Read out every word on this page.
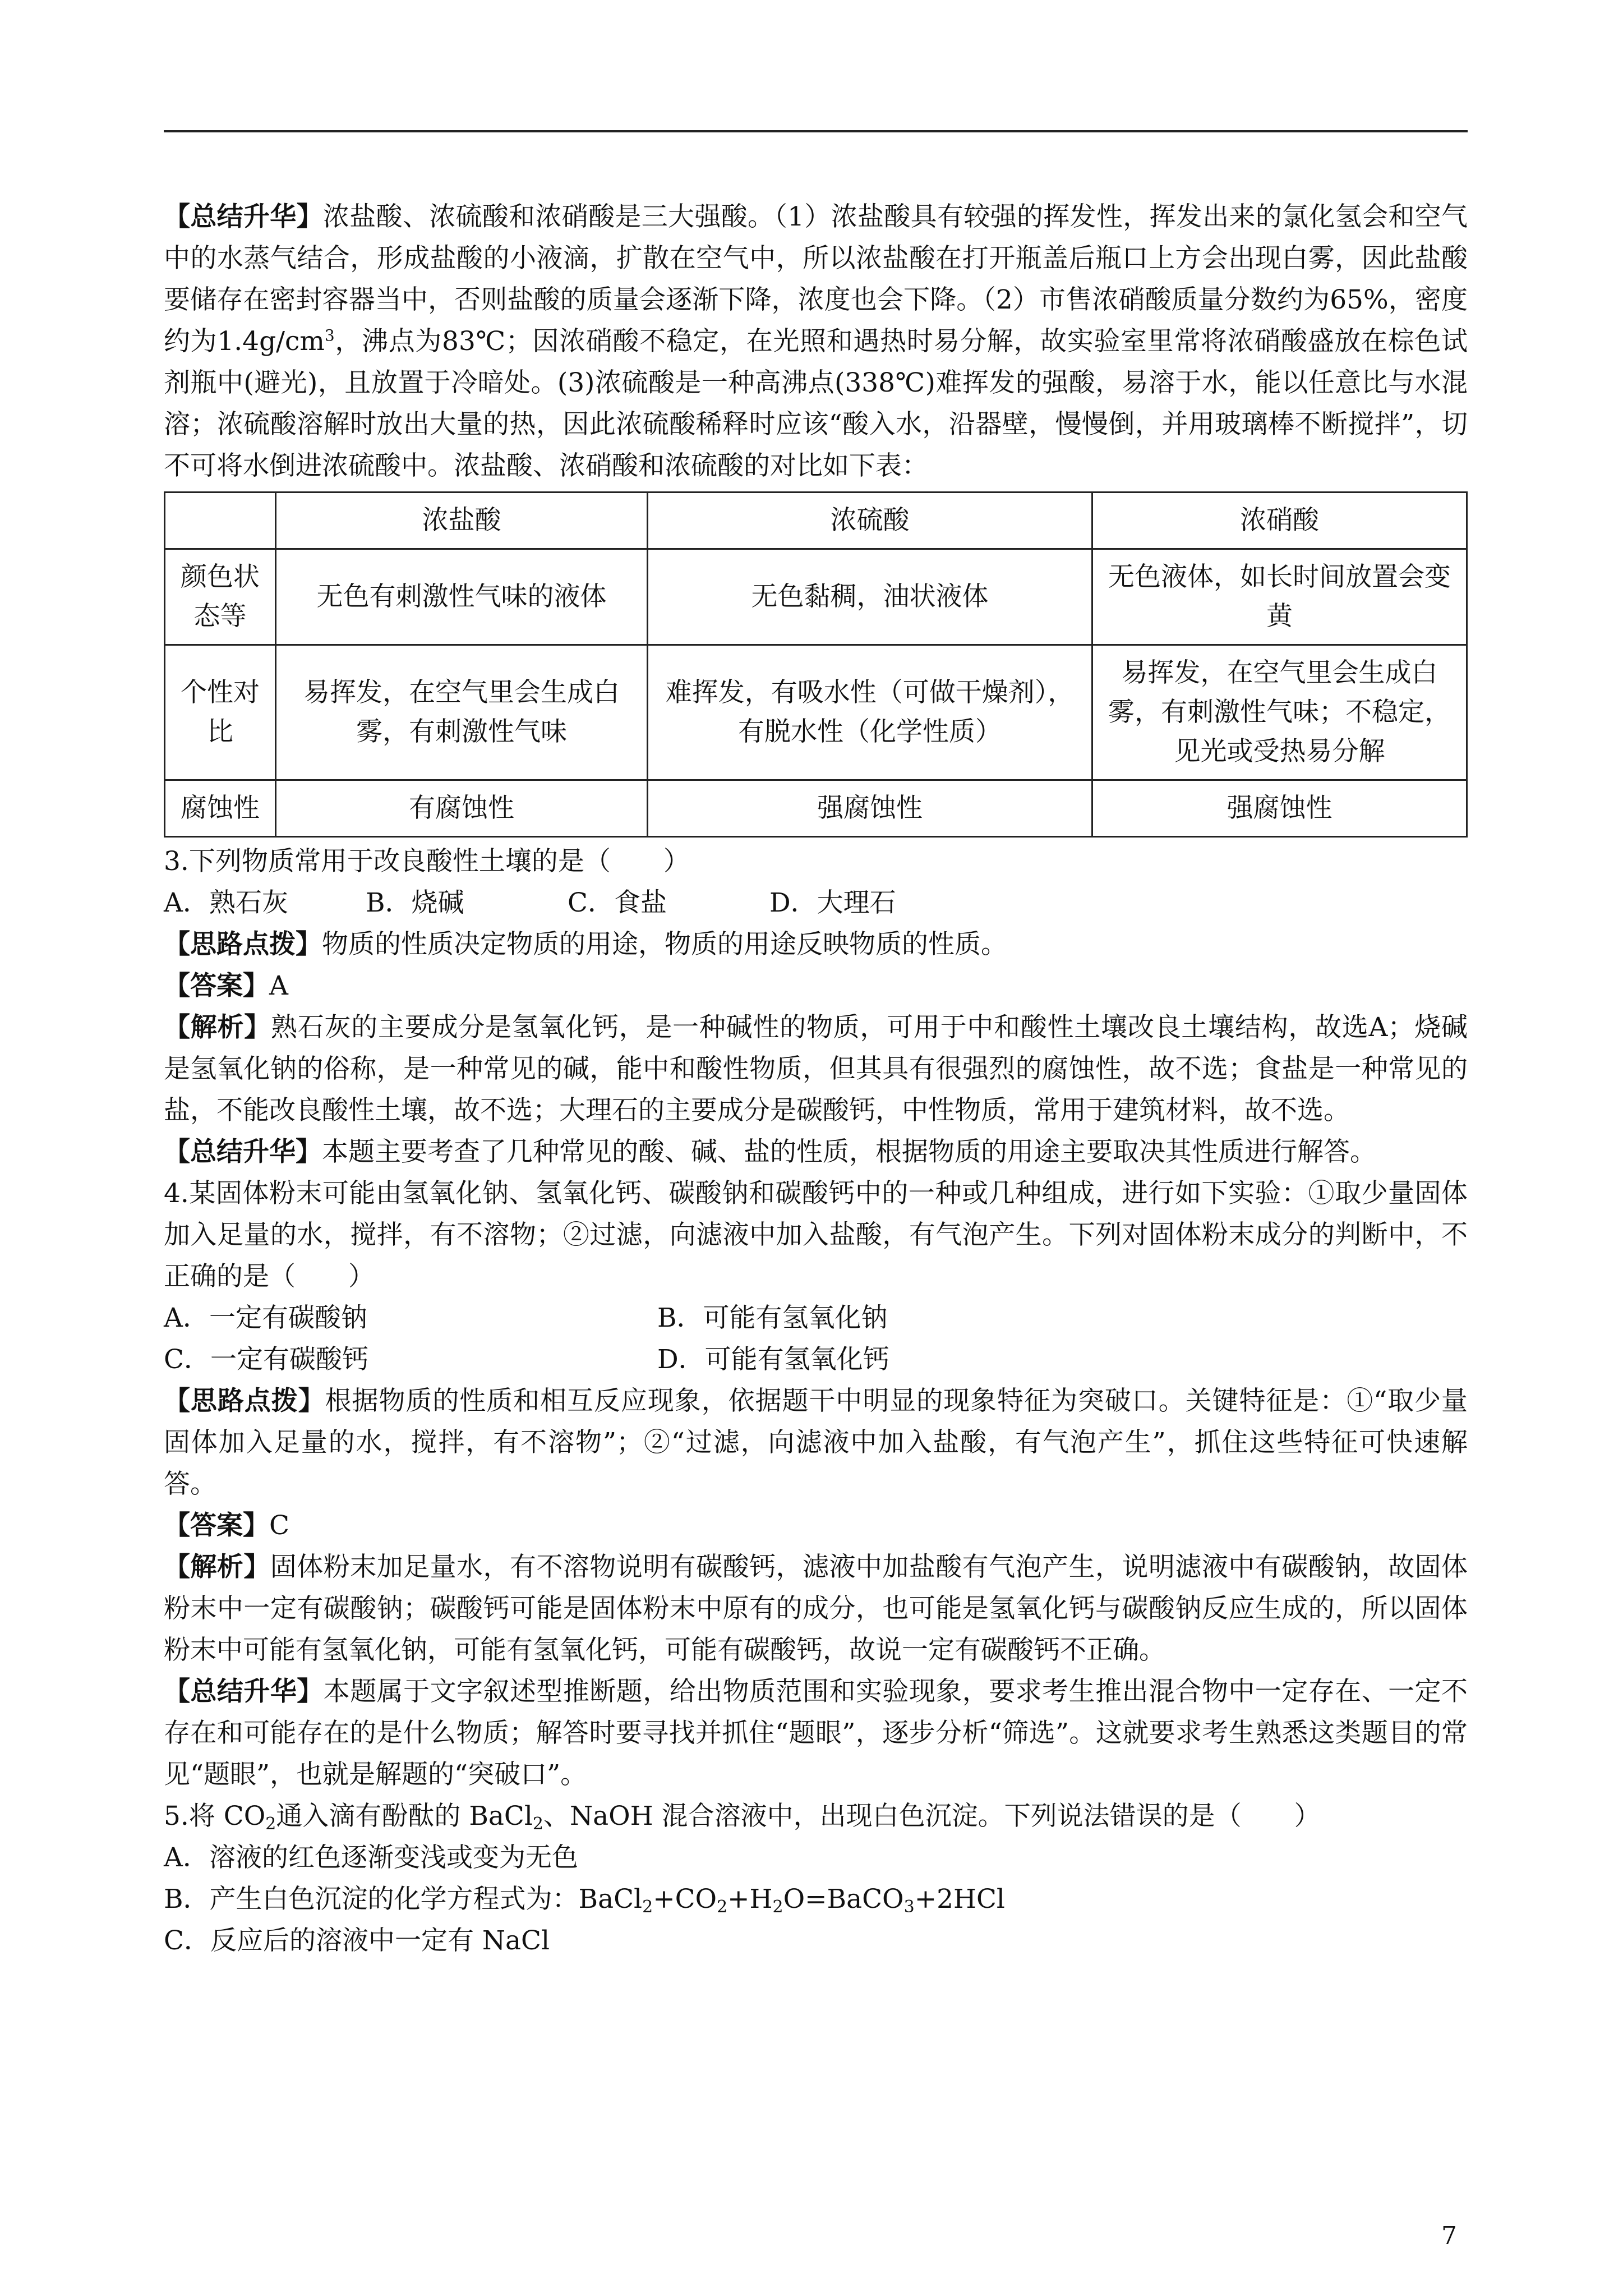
【总结升华】浓盐酸、浓硫酸和浓硝酸是三大强酸。（1）浓盐酸具有较强的挥发性，挥发出来的氯化氢会和空气中的水蒸气结合，形成盐酸的小液滴，扩散在空气中，所以浓盐酸在打开瓶盖后瓶口上方会出现白雾，因此盐酸要储存在密封容器当中，否则盐酸的质量会逐渐下降，浓度也会下降。（2）市售浓硝酸质量分数约为65%，密度约为$1.4g/cm^3$，沸点为83℃；因浓硝酸不稳定，在光照和遇热时易分解，故实验室里常将浓硝酸盛放在棕色试剂瓶中(避光)，且放置于冷暗处。(3)浓硫酸是一种高沸点(338℃)难挥发的强酸，易溶于水，能以任意比与水混溶；浓硫酸溶解时放出大量的热，因此浓硫酸稀释时应该“酸入水，沿器壁，慢慢倒，并用玻璃棒不断搅拌”，切不可将水倒进浓硫酸中。浓盐酸、浓硝酸和浓硫酸的对比如下表：

	浓盐酸	浓硫酸	浓硝酸
颜色状态等	无色有刺激性气味的液体	无色黏稠，油状液体	无色液体，如长时间放置会变黄
个性对比	易挥发，在空气里会生成白雾，有刺激性气味	难挥发，有吸水性（可做干燥剂），有脱水性（化学性质）	易挥发，在空气里会生成白雾，有刺激性气味；不稳定，见光或受热易分解
腐蚀性	有腐蚀性	强腐蚀性	强腐蚀性

3.下列物质常用于改良酸性土壤的是（　　）

A．熟石灰	B．烧碱	C．食盐	D．大理石

【思路点拨】物质的性质决定物质的用途，物质的用途反映物质的性质。

【答案】A

【解析】熟石灰的主要成分是氢氧化钙，是一种碱性的物质，可用于中和酸性土壤改良土壤结构，故选A；烧碱是氢氧化钠的俗称，是一种常见的碱，能中和酸性物质，但其具有很强烈的腐蚀性，故不选；食盐是一种常见的盐，不能改良酸性土壤，故不选；大理石的主要成分是碳酸钙，中性物质，常用于建筑材料，故不选。

【总结升华】本题主要考查了几种常见的酸、碱、盐的性质，根据物质的用途主要取决其性质进行解答。

4.某固体粉末可能由氢氧化钠、氢氧化钙、碳酸钠和碳酸钙中的一种或几种组成，进行如下实验：①取少量固体加入足量的水，搅拌，有不溶物；②过滤，向滤液中加入盐酸，有气泡产生。下列对固体粉末成分的判断中，不正确的是（　　）

A．一定有碳酸钠	B．可能有氢氧化钠
C．一定有碳酸钙	D．可能有氢氧化钙

【思路点拨】根据物质的性质和相互反应现象，依据题干中明显的现象特征为突破口。关键特征是：①“取少量固体加入足量的水，搅拌，有不溶物”；②“过滤，向滤液中加入盐酸，有气泡产生”，抓住这些特征可快速解答。

【答案】C

【解析】固体粉末加足量水，有不溶物说明有碳酸钙，滤液中加盐酸有气泡产生，说明滤液中有碳酸钠，故固体粉末中一定有碳酸钠；碳酸钙可能是固体粉末中原有的成分，也可能是氢氧化钙与碳酸钠反应生成的，所以固体粉末中可能有氢氧化钠，可能有氢氧化钙，可能有碳酸钙，故说一定有碳酸钙不正确。

【总结升华】本题属于文字叙述型推断题，给出物质范围和实验现象，要求考生推出混合物中一定存在、一定不存在和可能存在的是什么物质；解答时要寻找并抓住“题眼”，逐步分析“筛选”。这就要求考生熟悉这类题目的常见“题眼”，也就是解题的“突破口”。

5.将 $CO_2$通入滴有酚酞的 BaCl$_2$、NaOH 混合溶液中，出现白色沉淀。下列说法错误的是（　　）

A．溶液的红色逐渐变浅或变为无色

B．产生白色沉淀的化学方程式为：$BaCl_2+CO_2+H_2O=BaCO_3+2HCl$

C．反应后的溶液中一定有 NaCl

7
